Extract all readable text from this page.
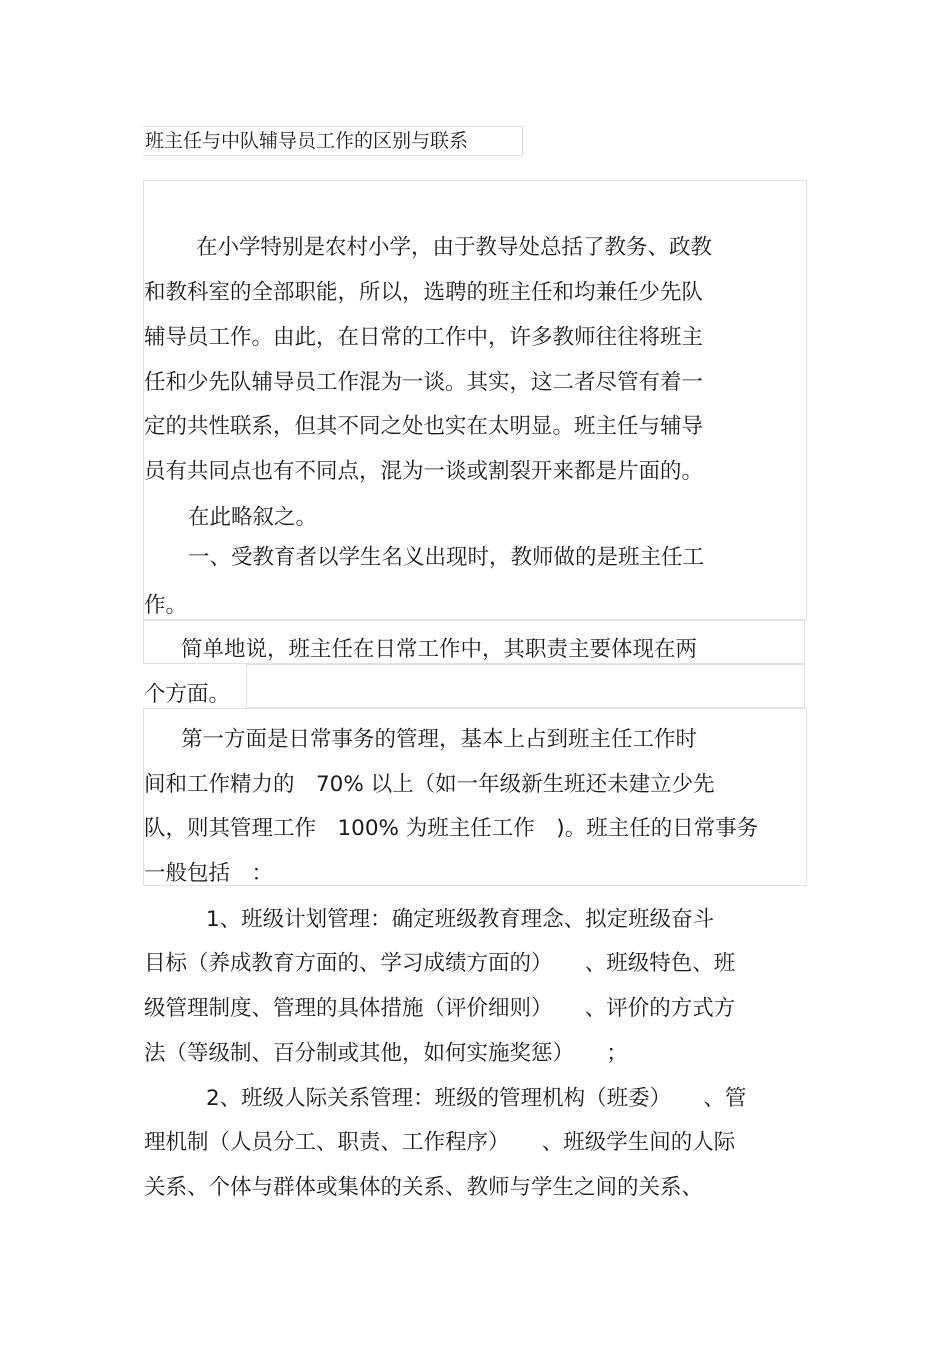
班主任与中队辅导员工作的区别与联系

在小学特别是农村小学，由于教导处总括了教务、政教

和教科室的全部职能，所以，选聘的班主任和均兼任少先队

辅导员工作。由此，在日常的工作中，许多教师往往将班主

任和少先队辅导员工作混为一谈。其实，这二者尽管有着一

定的共性联系，但其不同之处也实在太明显。班主任与辅导

员有共同点也有不同点，混为一谈或割裂开来都是片面的。

在此略叙之。

一、受教育者以学生名义出现时，教师做的是班主任工

作。

简单地说，班主任在日常工作中，其职责主要体现在两

个方面。

第一方面是日常事务的管理，基本上占到班主任工作时

间和工作精力的　70% 以上（如一年级新生班还未建立少先

队，则其管理工作　100% 为班主任工作　)。班主任的日常事务

一般包括　：

1、班级计划管理：确定班级教育理念、拟定班级奋斗

目标（养成教育方面的、学习成绩方面的）　　、班级特色、班

级管理制度、管理的具体措施（评价细则）　　、评价的方式方

法（等级制、百分制或其他，如何实施奖惩）　　；

2、班级人际关系管理：班级的管理机构（班委）　　、管

理机制（人员分工、职责、工作程序）　　、班级学生间的人际

关系、个体与群体或集体的关系、教师与学生之间的关系、
